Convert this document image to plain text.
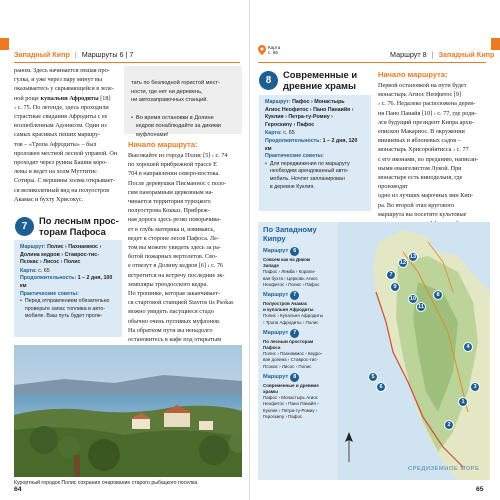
Западный Кипр | Маршруты 6 | 7
раном. Здесь начинается пешая про-
гулка, и уже через пару минут вы
оказываетесь у скрывающейся в зеле-
ной роще купальни Афродиты [18]
› с. 75. По легенде, здесь проходили
страстные свидания Афродиты с ее
возлюбленным Адонисом. Один из
самых красивых пеших маршру-
тов – «Тропа Афродиты» – был
проложен местной лесной управой. Он
проходит через руины Башни коро-
левы и ведет на холм Муттитис
Сотиры. С вершины холма открывает-
ся великолепный вид на полуостров
Акамас и бухту Хрисокус.

тать по безлюдной гористой мест-
ности, где нет ни деревень,
ни автозаправочных станций.

• Во время остановки в Долине
кедров понаблюдайте за дикими
муфлонами!

Начало маршрута:
Выезжайте из города Полис [5] › с. 74
по хорошей прибрежной трассе E
704 в направлении северо-востока.
После деревушки Писманнос с поло-
гим панорамным церковным на-
чинается территория турецкого
полуострова Кокказ. Прибреж-
ная дорога здесь резко поворачива-
ет в глубь материка и, извиваясь,
ведет к стороне лесов Пафоса. Ле-
том вы можете увидеть здесь за ра-
ботой пожарных вертолетов. Сво-
е отвезут в Долину кедров [6] › с. 76
встретится на встречу последние эк-
земпляры троодосского кедра.
По тропинке, которая заканчивает-
ся стартовой станцией Stavros tis Psokas
можно увидеть пасущиеся стадо
обычно очень пугливых муфлонов.
На обратном пути вы ненадолго
остановитесь в кафе под открытым

7
По лесным прос-
торам Пафоса
Маршрут: Полис › Пахнаммос ›
Долина кедров › Ставрос-тис-
Псокас › Лисос › Полис
Карта: с. 65
Продолжительность: 1 – 2 дня, 100 км
Практические советы:
• Перед отправлением обязательно
проверьте запас топлива в авто-
мобиле. Ваш путь будет проле-
Курортный городок Полис сохранил очарование старого рыбацкого поселка
64
Карта
с. 65	Маршрут 8 | Западный Кипр
8
Современные и
древние храмы
Маршрут: Пафос › Монастырь
Агиос Неофитос › Пано Панаийя ›
Куклия › Петра-ту-Ромиу ›
Героскипу › Пафос
Карта: с. 65
Продолжительность: 1 – 2 дня, 120 км
Практические советы:
• Для передвижения по маршруту
необходим арендованный авто-
мобиль. Ночлег запланирован
в деревне Куклия.
Начало маршрута:
Первой остановкой на пути будет
монастырь Агиос Неофитос [9]
› с. 76. Недалеко расположена дерев-
ня Пано Панайя [10] › с. 77, где роди-
лся будущий президент Кипра архи-
епископ Макариос. В окружении
вишневых и яблоневых садов –
монастырь Хрисоройятисса › с. 77
с его иконами, по преданию, написан-
ными евангелистом Лукой. При
монастыре есть винодельня, где производят
одно из лучших марочных вин Кип-
ра. Во второй этап кругового
маршрута вы посетите культовые

По Западному
Кипру
Маршрут 6
Совсем как на Диком
Западе
Пафос › Лемба › Корали-
вая бухта › Церковь Агиос
Неофитос › Полис › Пафос
Маршрут 7
Полуостров Акамас
и купальня Афродиты
Полис › Купальня Афродиты
› Тропа Афродиты › Полис
Маршрут 7
По лесным просторам
Пафоса
Полис › Пахнаммос › Кедро-
вая долина › Ставрос-тис-
Псокас › Лисос › Полис
Маршрут 8
Современные и древние
храмы
Пафос › Монастырь Агиос
Неофитос › Пано Панайя ›
Куклия › Петра-ту-Ромиу ›
Героскипу › Пафос
5
6
7
8
12
13
9
10
11
4
3
1
2
СРЕДИЗЕМНОЕ МОРЕ
65
